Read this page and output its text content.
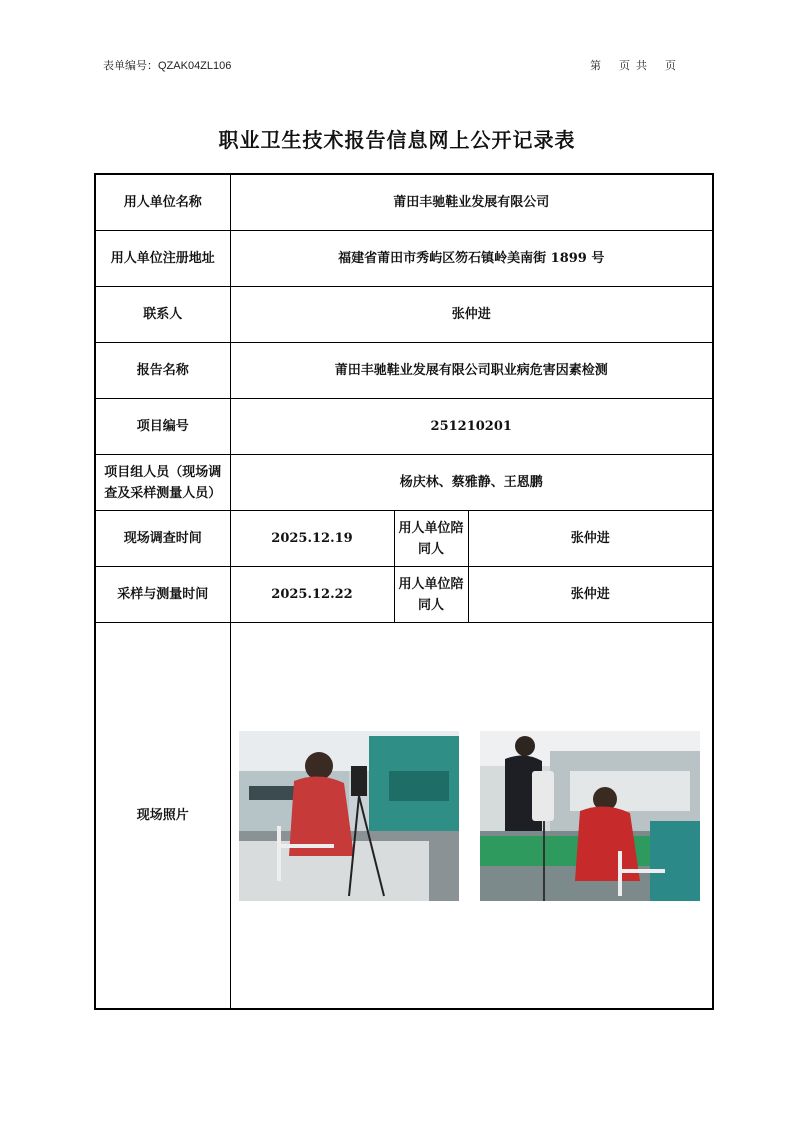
表单编号：QZAK04ZL106	第 页 共 页
职业卫生技术报告信息网上公开记录表
用人单位名称	莆田丰驰鞋业发展有限公司		
用人单位注册地址	福建省莆田市秀屿区笏石镇岭美南街 1899 号		
联系人	张仲进		
报告名称	莆田丰驰鞋业发展有限公司职业病危害因素检测		
项目编号	251210201		
项目组人员（现场调查及采样测量人员）	杨庆林、蔡雅静、王恩鹏		
现场调查时间	2025.12.19	用人单位陪同人	张仲进
采样与测量时间	2025.12.22	用人单位陪同人	张仲进
现场照片	
